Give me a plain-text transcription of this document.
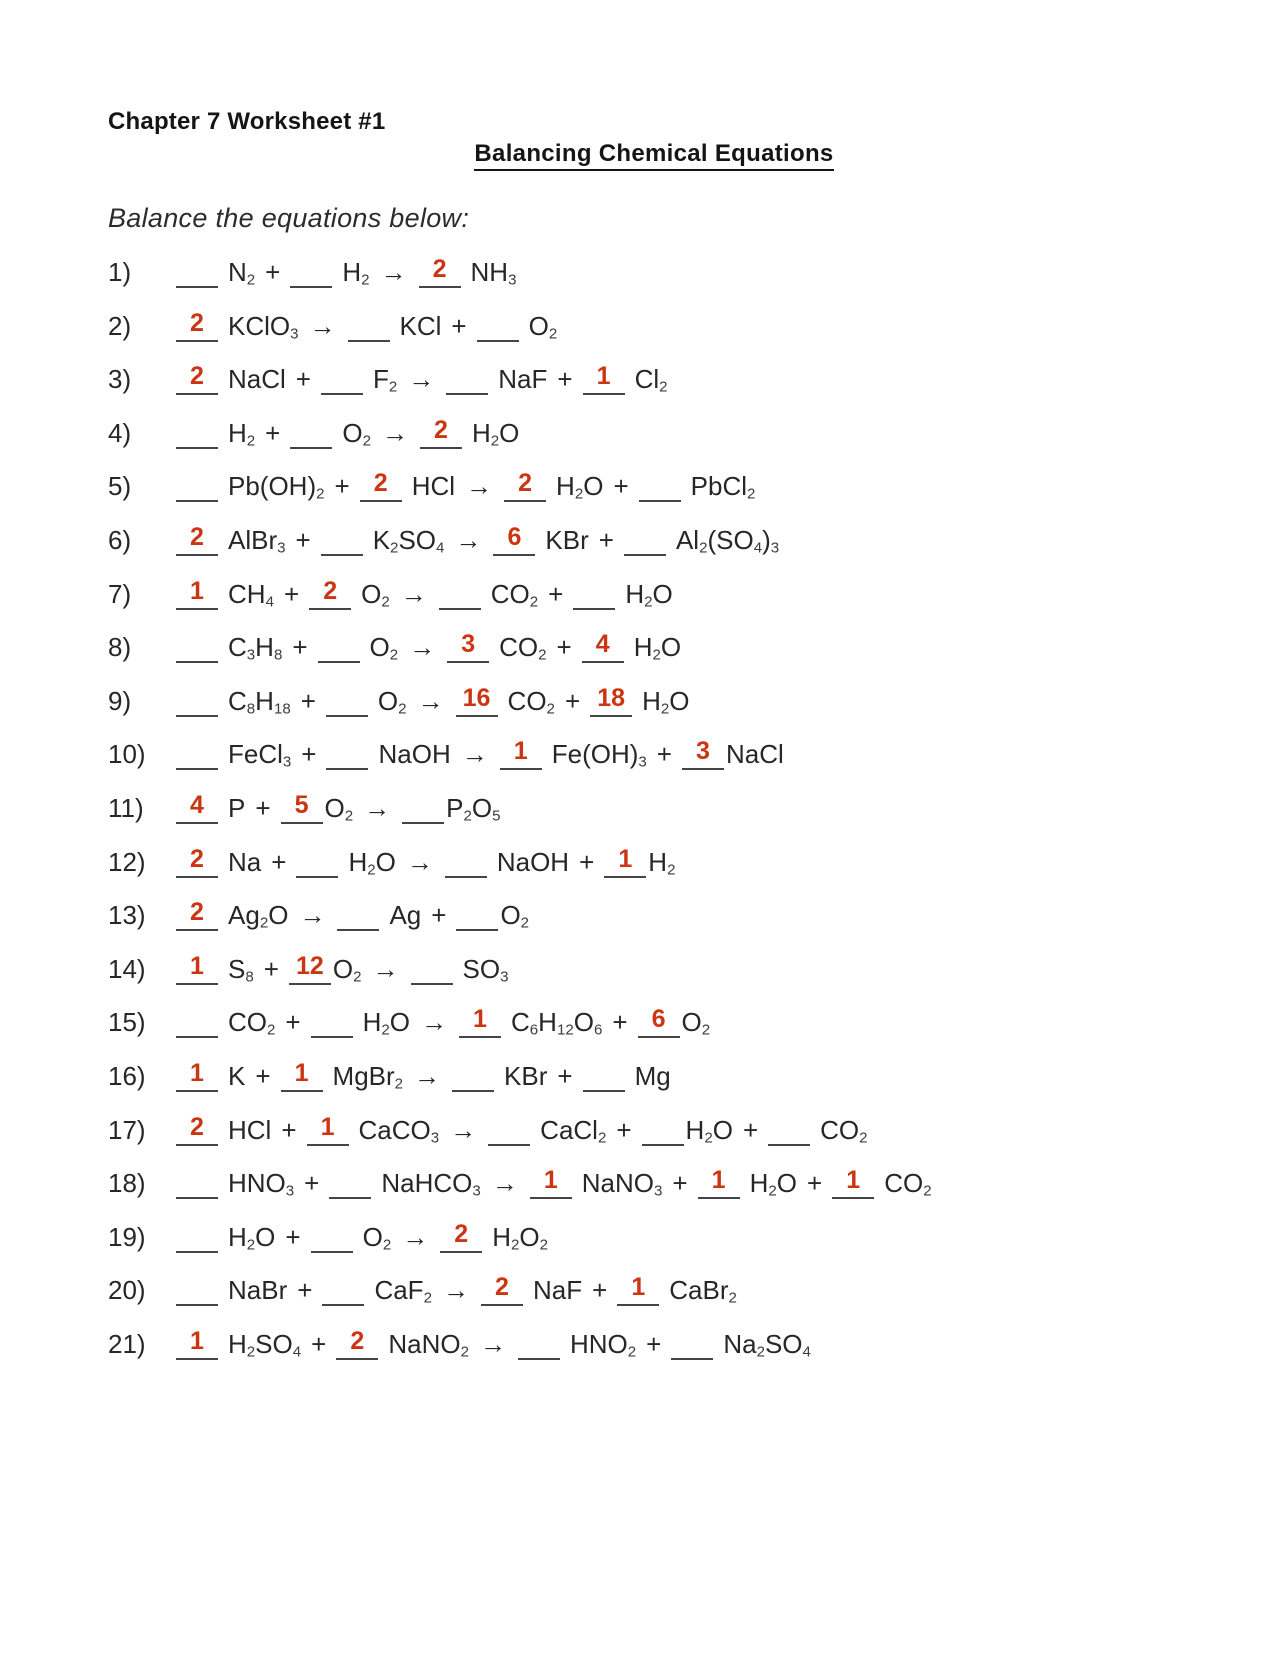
Chapter 7 Worksheet #1
Balancing Chemical Equations
Balance the equations below:
1)	N2 + H2 →	2 NH3
2)	2 KClO3 → KCl + O2
3)	2 NaCl + F2 → NaF + 1 Cl2
4)	H2 + O2 →	2 H2O
5)	Pb(OH)2 + 2 HCl →	2 H2O + PbCl2
6)	2 AlBr3 + K2SO4 →	6 KBr + Al2(SO4)3
7)	1 CH4 + 2 O2 → CO2 + H2O
8)	C3H8 + O2 →	3 CO2 + 4 H2O
9)	C8H18 + O2 → 16 CO2 + 18 H2O
10)	FeCl3 + NaOH →	1 Fe(OH)3 + 3 NaCl
11)	4 P + 5 O2 → P2O5
12)	2 Na + H2O → NaOH + 1 H2
13)	2 Ag2O → Ag + O2
14)	1 S8 + 12 O2 → SO3
15)	CO2 + H2O →	1 C6H12O6 + 6 O2
16)	1 K + 1 MgBr2 → KBr + Mg
17)	2 HCl + 1 CaCO3 → CaCl2 + H2O + CO2
18)	HNO3 + NaHCO3 →	1 NaNO3 + 1 H2O + 1 CO2
19)	H2O + O2 →	2 H2O2
20)	NaBr + CaF2 →	2 NaF + 1 CaBr2
21)	1 H2SO4 + 2 NaNO2 → HNO2 + Na2SO4
